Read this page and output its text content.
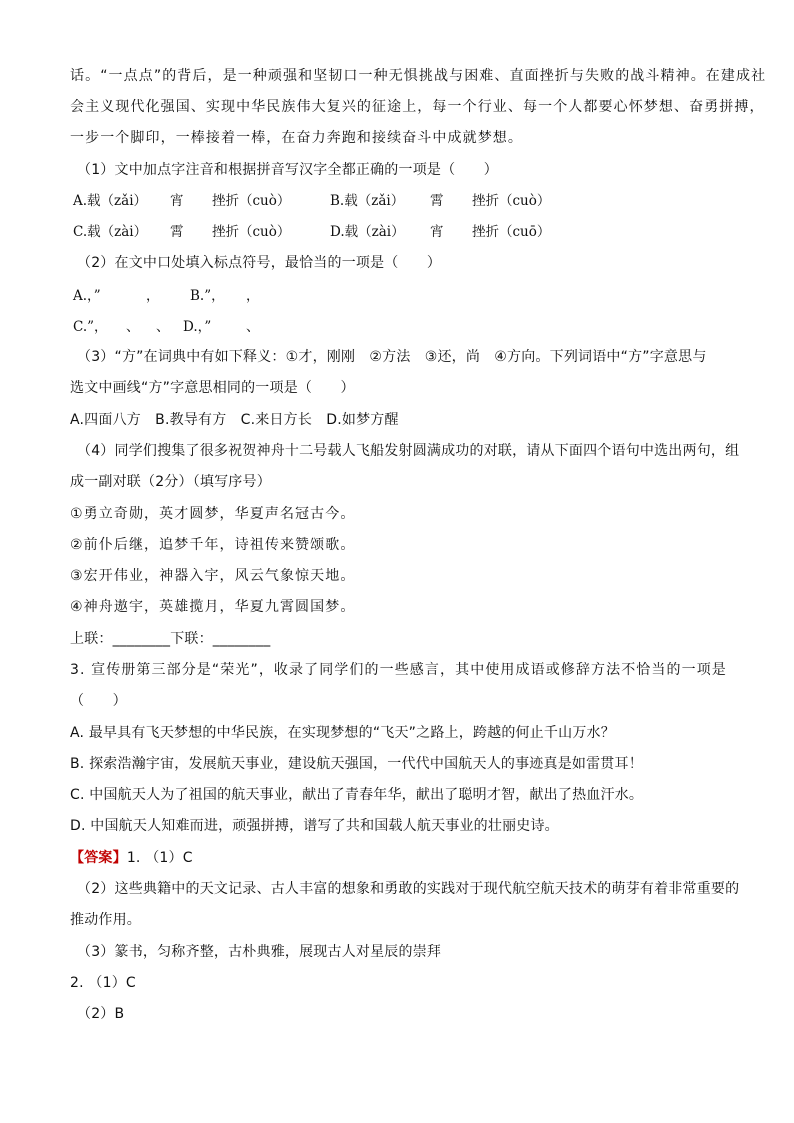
话。“一点点”的背后，是一种顽强和坚韧口一种无惧挑战与困难、直面挫折与失败的战斗精神。在建成社
会主义现代化强国、实现中华民族伟大复兴的征途上，每一个行业、每一个人都要心怀梦想、奋勇拼搏，
一步一个脚印，一棒接着一棒，在奋力奔跑和接续奋斗中成就梦想。
（1）文中加点字注音和根据拼音写汉字全都正确的一项是（　　）
A.载（zǎi） 宵 挫折（cuò）	B.载（zǎi） 霄 挫折（cuò）
C.载（zài） 霄 挫折（cuò）	D.载（zài） 宵 挫折（cuō）
（2）在文中口处填入标点符号，最恰当的一项是（　　）
A.，”	， B.”， ，
C.”， 、 、 D.，”	、
（3）“方”在词典中有如下释义：①才，刚刚　②方法　③还，尚　④方向。下列词语中“方”字意思与
选文中画线“方”字意思相同的一项是（　　）
A.四面八方　B.教导有方　C.来日方长　D.如梦方醒
（4）同学们搜集了很多祝贺神舟十二号载人飞船发射圆满成功的对联，请从下面四个语句中选出两句，组
成一副对联（2分）（填写序号）
①勇立奇勋，英才圆梦，华夏声名冠古今。
②前仆后继，追梦千年，诗祖传来赞颂歌。
③宏开伟业，神器入宇，风云气象惊天地。
④神舟遨宇，英雄揽月，华夏九霄圆国梦。
上联：________下联：________
3. 宣传册第三部分是“荣光”，收录了同学们的一些感言，其中使用成语或修辞方法不恰当的一项是
（　　）
A. 最早具有飞天梦想的中华民族，在实现梦想的“飞天”之路上，跨越的何止千山万水？
B. 探索浩瀚宇宙，发展航天事业，建设航天强国，一代代中国航天人的事迹真是如雷贯耳！
C. 中国航天人为了祖国的航天事业，献出了青春年华，献出了聪明才智，献出了热血汗水。
D. 中国航天人知难而进，顽强拼搏，谱写了共和国载人航天事业的壮丽史诗。
【答案】1. （1）C
（2）这些典籍中的天文记录、古人丰富的想象和勇敢的实践对于现代航空航天技术的萌芽有着非常重要的
推动作用。
（3）篆书，匀称齐整，古朴典雅，展现古人对星辰的崇拜
2. （1）C
（2）B
